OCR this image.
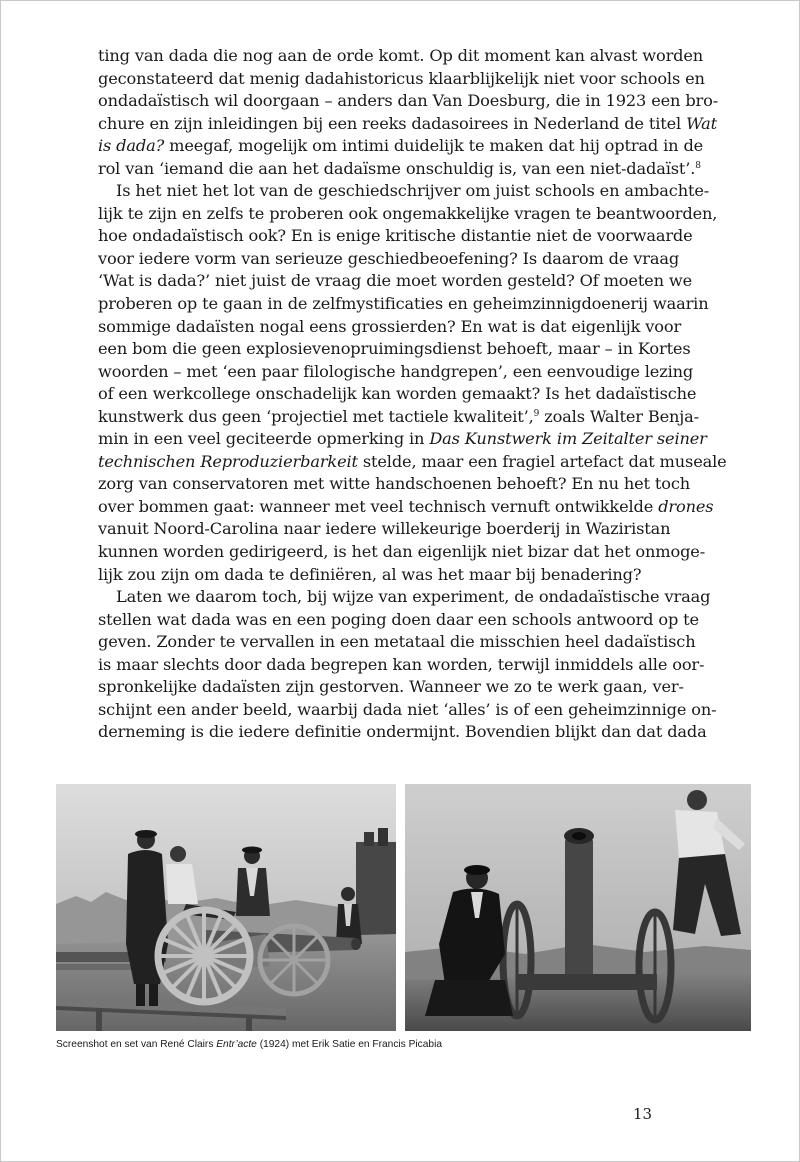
ting van dada die nog aan de orde komt. Op dit moment kan alvast worden
geconstateerd dat menig dadahistoricus klaarblijkelijk niet voor schools en
ondadaïstisch wil doorgaan – anders dan Van Doesburg, die in 1923 een bro-
chure en zijn inleidingen bij een reeks dadasoirees in Nederland de titel Wat
is dada? meegaf, mogelijk om intimi duidelijk te maken dat hij optrad in de
rol van ‘iemand die aan het dadaïsme onschuldig is, van een niet-dadaïst’.$^8$

Is het niet het lot van de geschiedschrijver om juist schools en ambachte-
lijk te zijn en zelfs te proberen ook ongemakkelijke vragen te beantwoorden,
hoe ondadaïstisch ook? En is enige kritische distantie niet de voorwaarde
voor iedere vorm van serieuze geschiedbeoefening? Is daarom de vraag
‘Wat is dada?’ niet juist de vraag die moet worden gesteld? Of moeten we
proberen op te gaan in de zelfmystificaties en geheimzinnigdoenerij waarin
sommige dadaïsten nogal eens grossierden? En wat is dat eigenlijk voor
een bom die geen explosievenopruimingsdienst behoeft, maar – in Kortes
woorden – met ‘een paar filologische handgrepen’, een eenvoudige lezing
of een werkcollege onschadelijk kan worden gemaakt? Is het dadaïstische
kunstwerk dus geen ‘projectiel met tactiele kwaliteit’,$^9$ zoals Walter Benja-
min in een veel geciteerde opmerking in Das Kunstwerk im Zeitalter seiner
technischen Reproduzierbarkeit stelde, maar een fragiel artefact dat museale
zorg van conservatoren met witte handschoenen behoeft? En nu het toch
over bommen gaat: wanneer met veel technisch vernuft ontwikkelde drones
vanuit Noord-Carolina naar iedere willekeurige boerderij in Waziristan
kunnen worden gedirigeerd, is het dan eigenlijk niet bizar dat het onmoge-
lijk zou zijn om dada te definiëren, al was het maar bij benadering?

Laten we daarom toch, bij wijze van experiment, de ondadaïstische vraag
stellen wat dada was en een poging doen daar een schools antwoord op te
geven. Zonder te vervallen in een metataal die misschien heel dadaïstisch
is maar slechts door dada begrepen kan worden, terwijl inmiddels alle oor-
spronkelijke dadaïsten zijn gestorven. Wanneer we zo te werk gaan, ver-
schijnt een ander beeld, waarbij dada niet ‘alles’ is of een geheimzinnige on-
derneming is die iedere definitie ondermijnt. Bovendien blijkt dan dat dada

Screenshot en set van René Clairs Entr’acte (1924) met Erik Satie en Francis Picabia
13
